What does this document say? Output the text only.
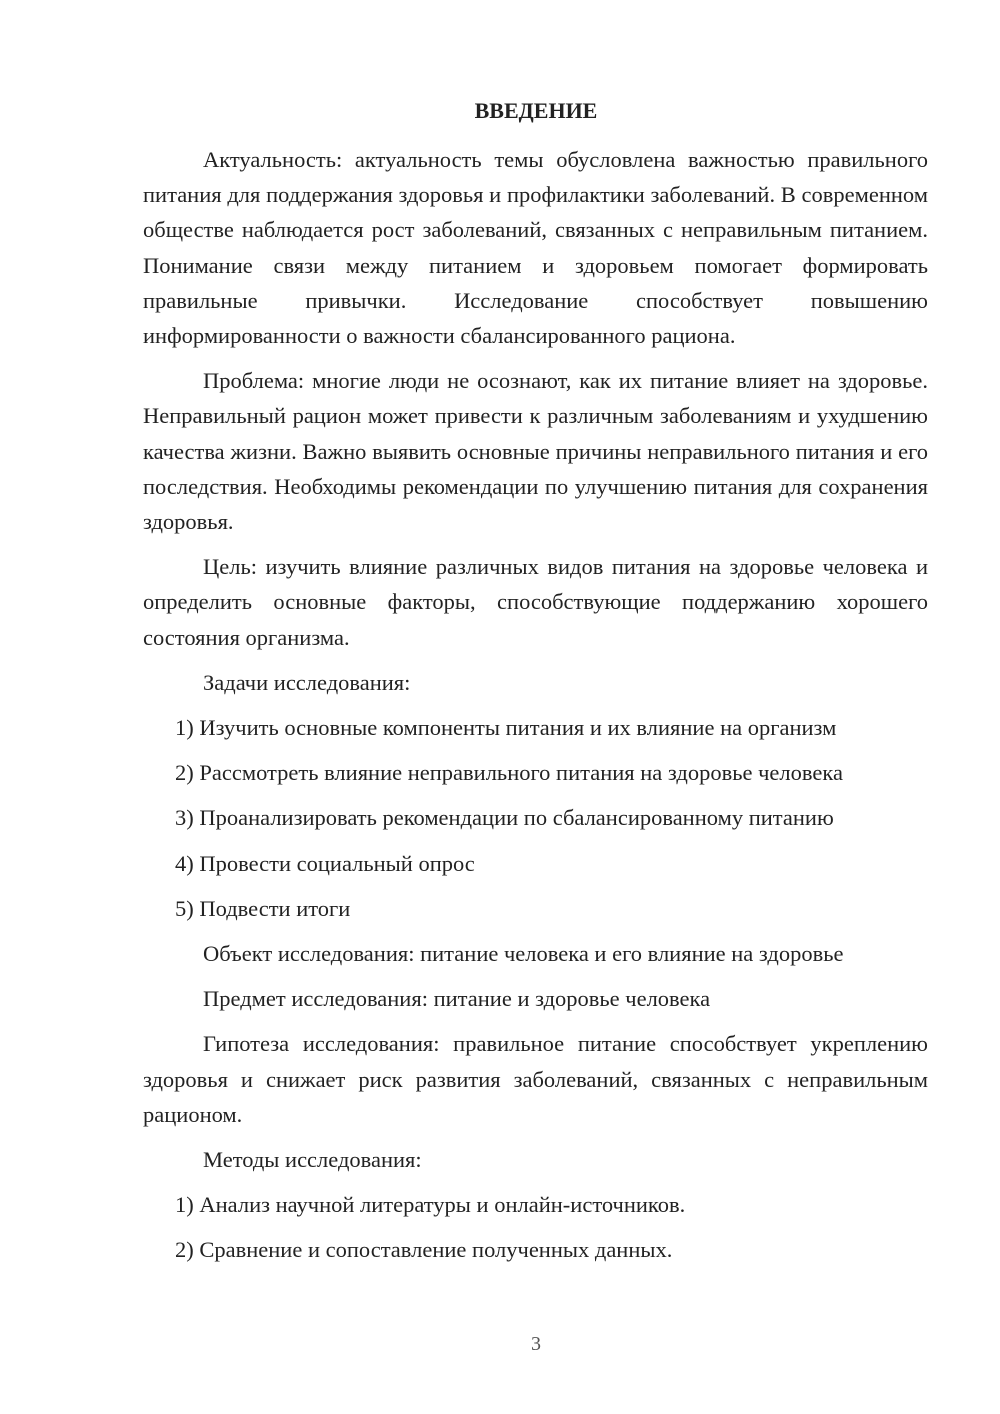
ВВЕДЕНИЕ

Актуальность: актуальность темы обусловлена важностью правильного питания для поддержания здоровья и профилактики заболеваний. В современном обществе наблюдается рост заболеваний, связанных с неправильным питанием. Понимание связи между питанием и здоровьем помогает формировать правильные привычки. Исследование способствует повышению информированности о важности сбалансированного рациона.

Проблема: многие люди не осознают, как их питание влияет на здоровье. Неправильный рацион может привести к различным заболеваниям и ухудшению качества жизни. Важно выявить основные причины неправильного питания и его последствия. Необходимы рекомендации по улучшению питания для сохранения здоровья.

Цель: изучить влияние различных видов питания на здоровье человека и определить основные факторы, способствующие поддержанию хорошего состояния организма.

Задачи исследования:
1) Изучить основные компоненты питания и их влияние на организм
2) Рассмотреть влияние неправильного питания на здоровье человека
3) Проанализировать рекомендации по сбалансированному питанию
4) Провести социальный опрос
5) Подвести итоги
Объект исследования: питание человека и его влияние на здоровье
Предмет исследования: питание и здоровье человека

Гипотеза исследования: правильное питание способствует укреплению здоровья и снижает риск развития заболеваний, связанных с неправильным рационом.

Методы исследования:
1) Анализ научной литературы и онлайн-источников.
2) Сравнение и сопоставление полученных данных.
3
